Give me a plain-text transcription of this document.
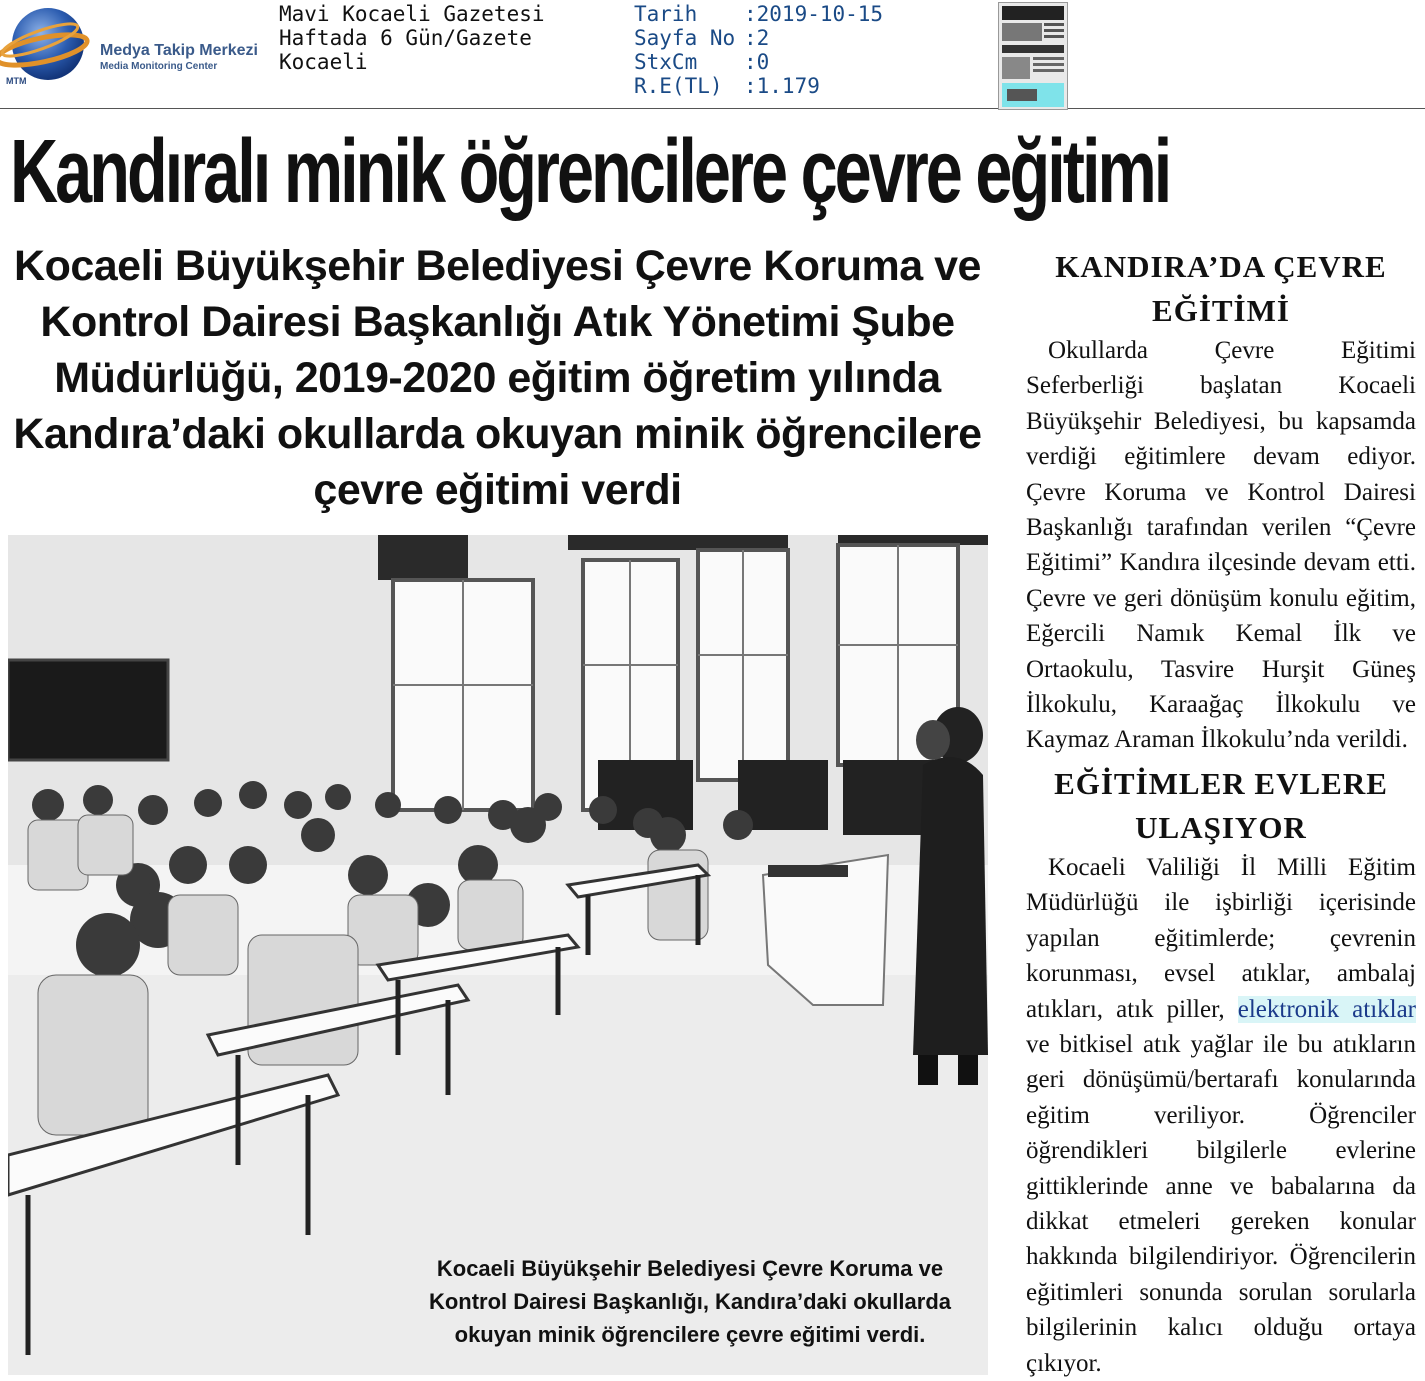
MTM
Medya Takip Merkezi
Media Monitoring Center
Mavi Kocaeli Gazetesi
Haftada 6 Gün/Gazete
Kocaeli
Tarih	:2019-10-15
Sayfa No :2
StxCm	:0
R.E(TL)	:1.179
Kandıralı minik öğrencilere çevre eğitimi
Kocaeli Büyükşehir Belediyesi Çevre Koruma ve Kontrol Dairesi Başkanlığı Atık Yönetimi Şube Müdürlüğü, 2019-2020 eğitim öğretim yılında Kandıra’daki okullarda okuyan minik öğrencilere çevre eğitimi verdi
Kocaeli Büyükşehir Belediyesi Çevre Koruma ve Kontrol Dairesi Başkanlığı, Kandıra’daki okullarda okuyan minik öğrencilere çevre eğitimi verdi.
KANDIRA’DA ÇEVRE EĞİTİMİ

Okullarda Çevre Eğitimi Seferberliği başlatan Kocaeli Büyükşehir Belediyesi, bu kapsamda verdiği eğitimlere devam ediyor. Çevre Koruma ve Kontrol Dairesi Başkanlığı tarafından verilen “Çevre Eğitimi” Kandıra ilçesinde devam etti. Çevre ve geri dönüşüm konulu eğitim, Eğercili Namık Kemal İlk ve Ortaokulu, Tasvire Hurşit Güneş İlkokulu, Karaağaç İlkokulu ve Kaymaz Araman İlkokulu’nda verildi.

EĞİTİMLER EVLERE ULAŞIYOR

Kocaeli Valiliği İl Milli Eğitim Müdürlüğü ile işbirliği içerisinde yapılan eğitimlerde; çevrenin korunması, evsel atıklar, ambalaj atıkları, atık piller, elektronik atıklar ve bitkisel atık yağlar ile bu atıkların geri dönüşümü/bertarafı konularında eğitim veriliyor. Öğrenciler öğrendikleri bilgilerle evlerine gittiklerinde anne ve babalarına da dikkat etmeleri gereken konular hakkında bilgilendiriyor. Öğrencilerin eğitimleri sonunda sorulan sorularla bilgilerinin kalıcı olduğu ortaya çıkıyor.
